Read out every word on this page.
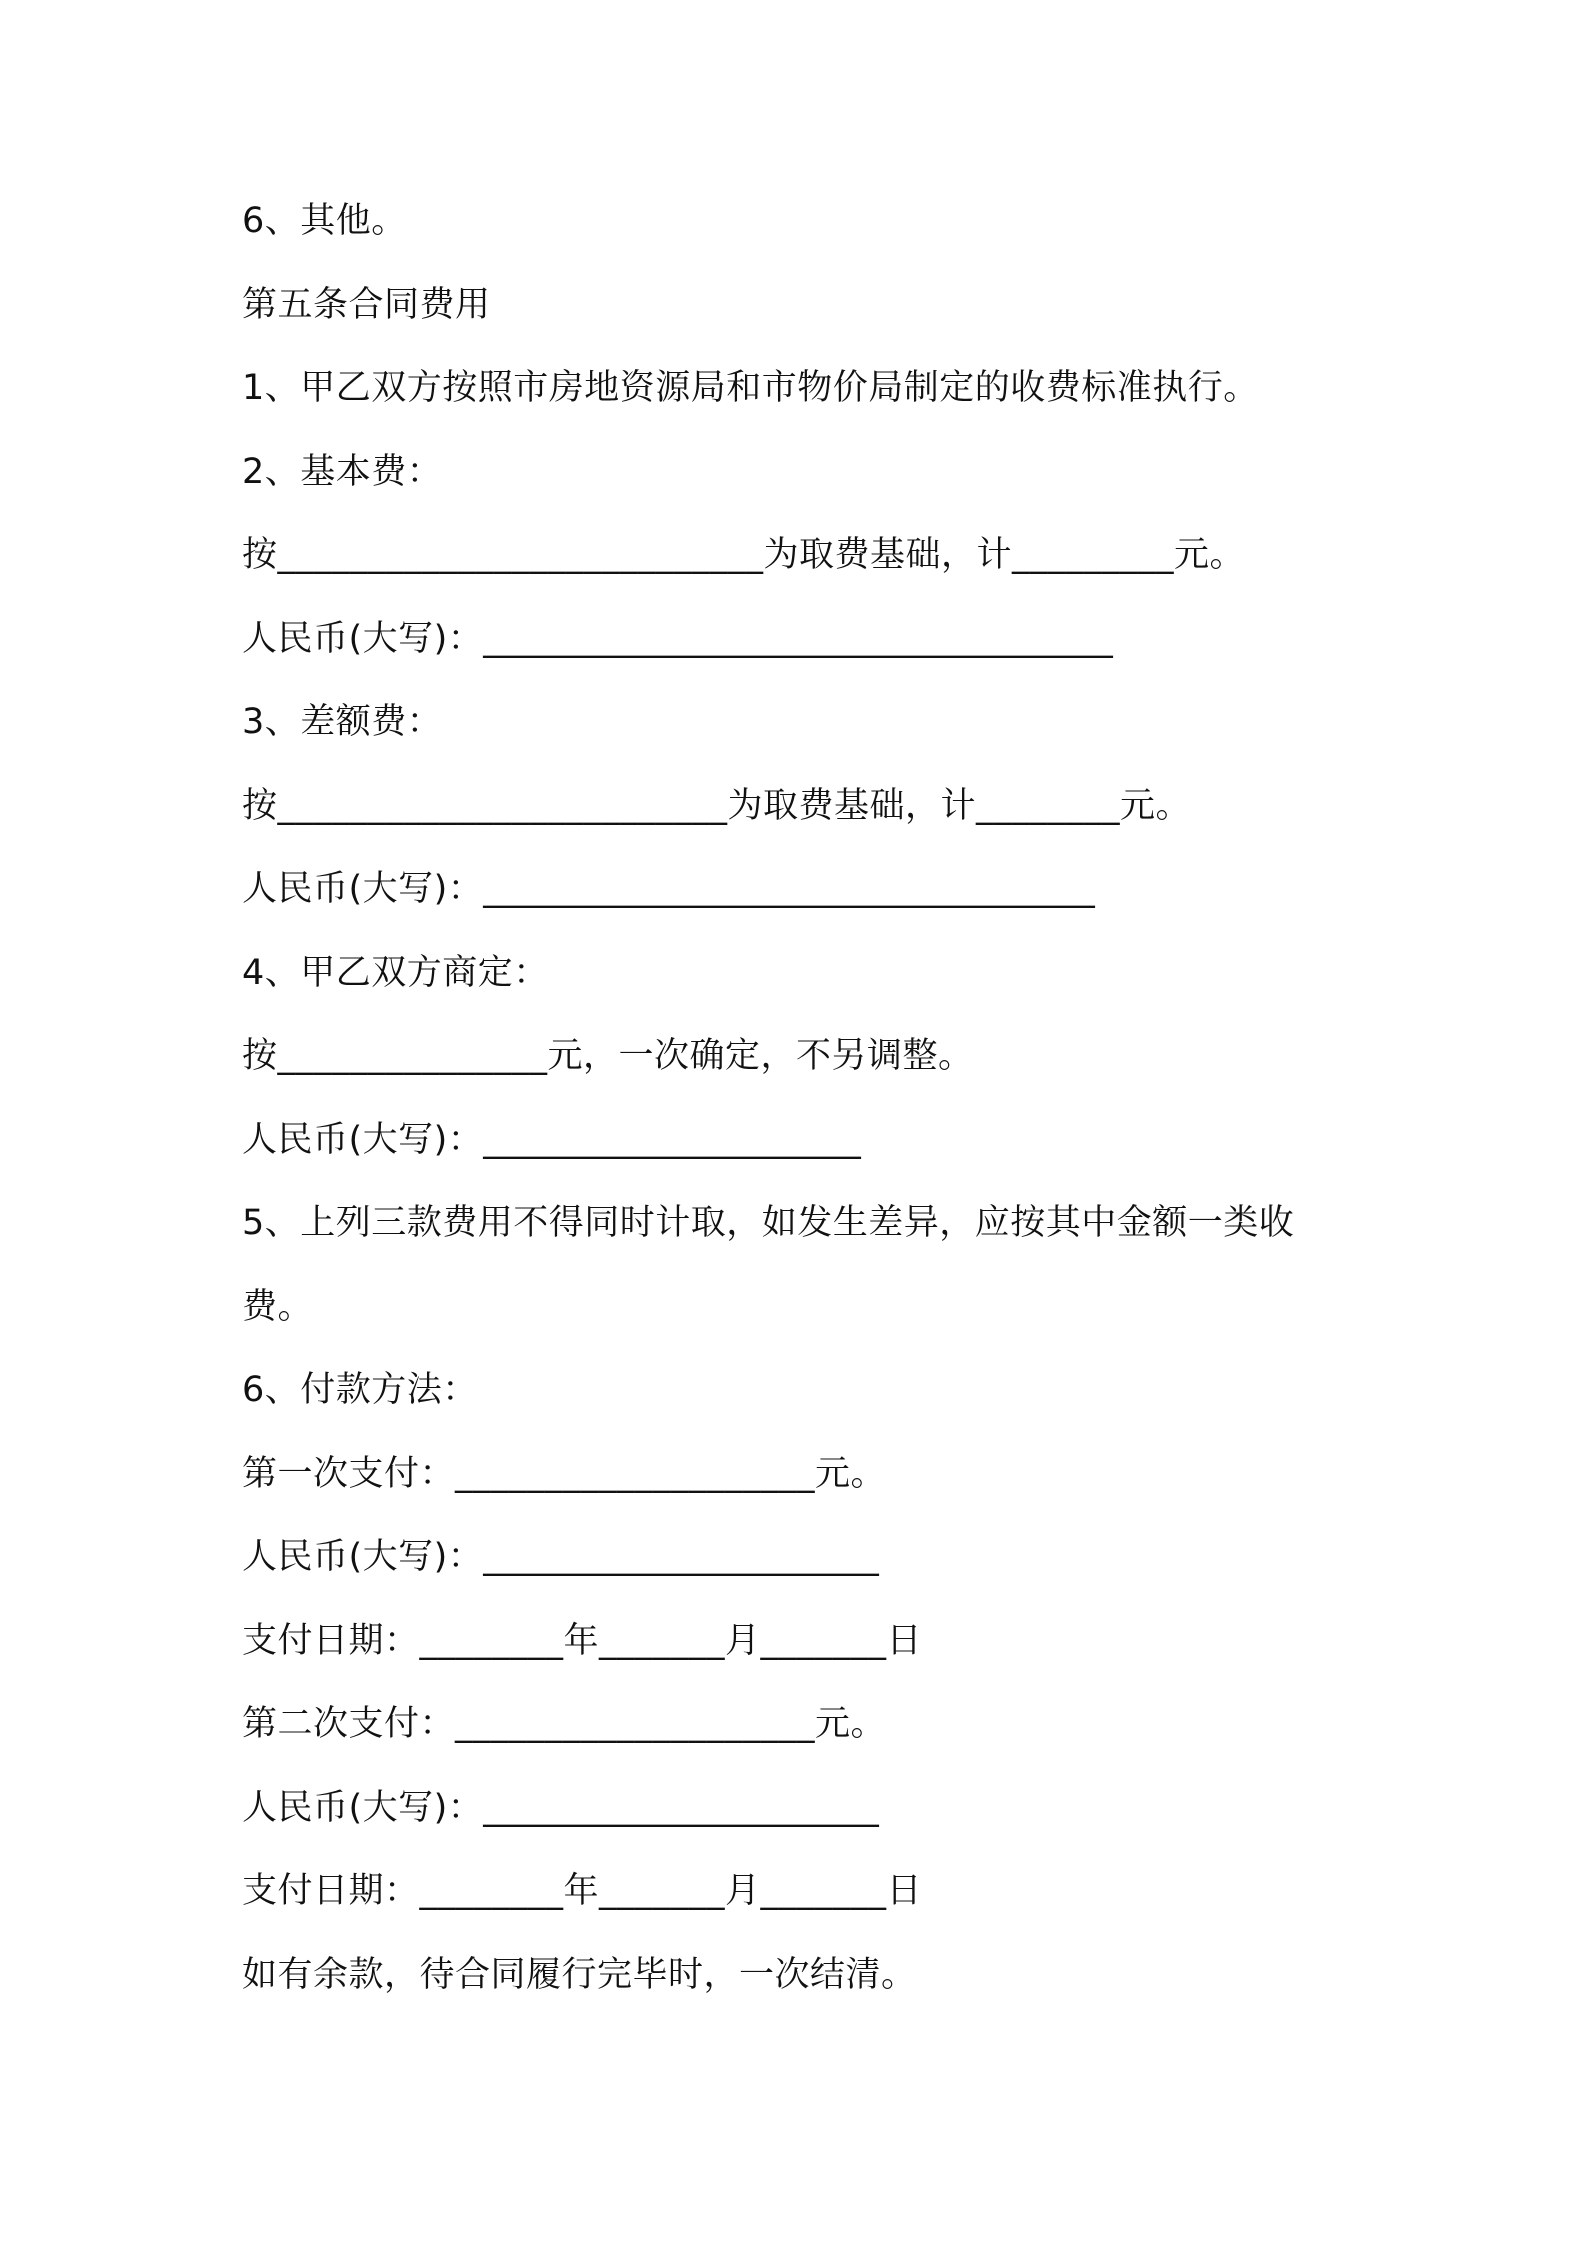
6、其他。
第五条合同费用
1、甲乙双方按照市房地资源局和市物价局制定的收费标准执行。
2、基本费：
按___________________________为取费基础，计_________元。
人民币(大写)：___________________________________
3、差额费：
按_________________________为取费基础，计________元。
人民币(大写)：__________________________________
4、甲乙双方商定：
按_______________元，一次确定，不另调整。
人民币(大写)：_____________________
5、上列三款费用不得同时计取，如发生差异，应按其中金额一类收
费。
6、付款方法：
第一次支付：____________________元。
人民币(大写)：______________________
支付日期：________年_______月_______日
第二次支付：____________________元。
人民币(大写)：______________________
支付日期：________年_______月_______日
如有余款，待合同履行完毕时，一次结清。
